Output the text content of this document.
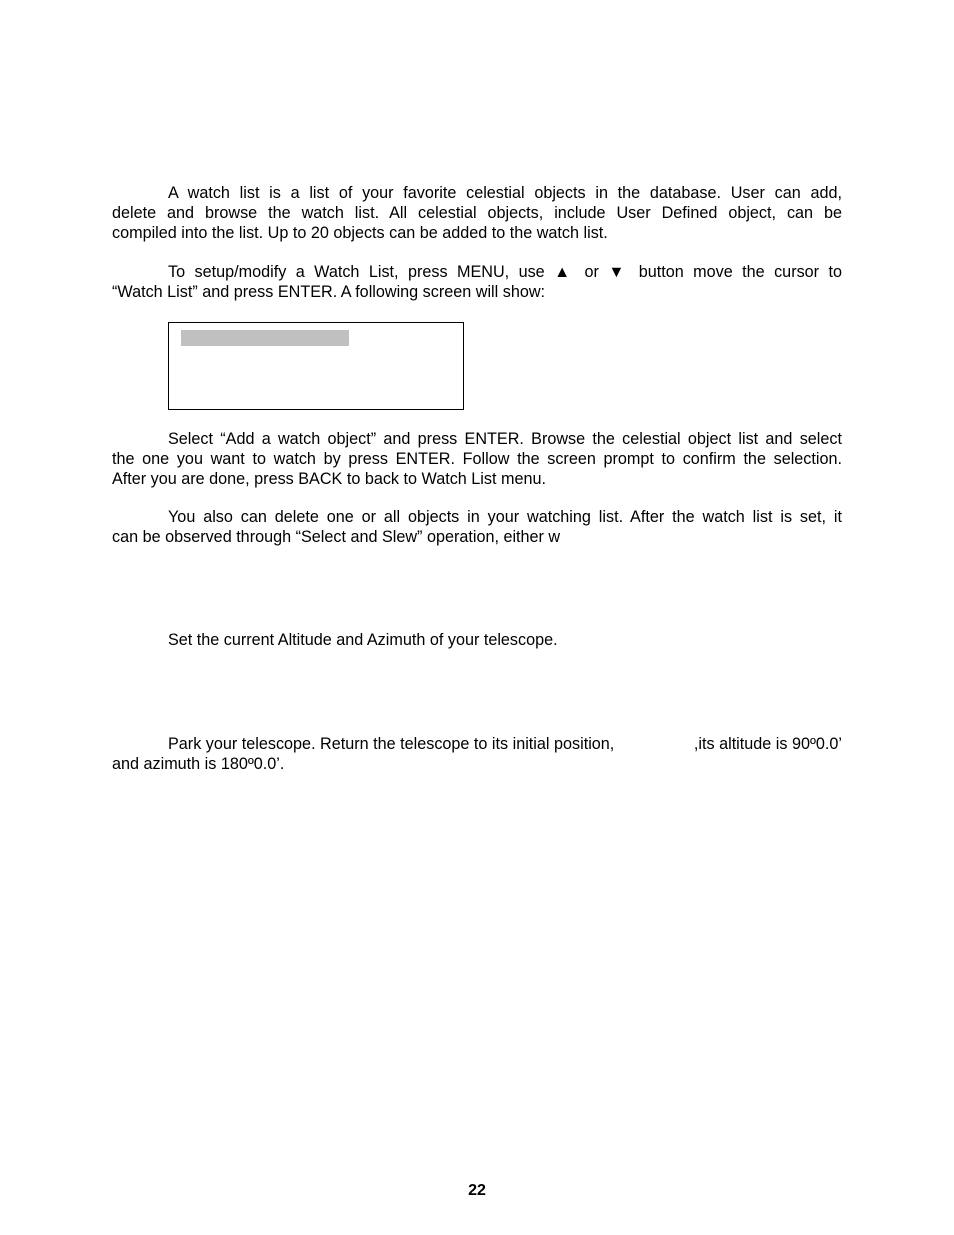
A watch list is a list of your favorite celestial objects in the database. User can add,
delete and browse the watch list. All celestial objects, include User Defined object, can be
compiled into the list. Up to 20 objects can be added to the watch list.
To setup/modify a Watch List, press MENU, use ▲ or ▼ button move the cursor to
“Watch List” and press ENTER. A following screen will show:
Select “Add a watch object” and press ENTER. Browse the celestial object list and select
the one you want to watch by press ENTER. Follow the screen prompt to confirm the selection.
After you are done, press BACK to back to Watch List menu.
You also can delete one or all objects in your watching list. After the watch list is set, it
can be observed through “Select and Slew” operation, either w
Set the current Altitude and Azimuth of your telescope.
Park your telescope. Return the telescope to its initial position,	,its altitude is 90º0.0’
and azimuth is 180º0.0’.
22
